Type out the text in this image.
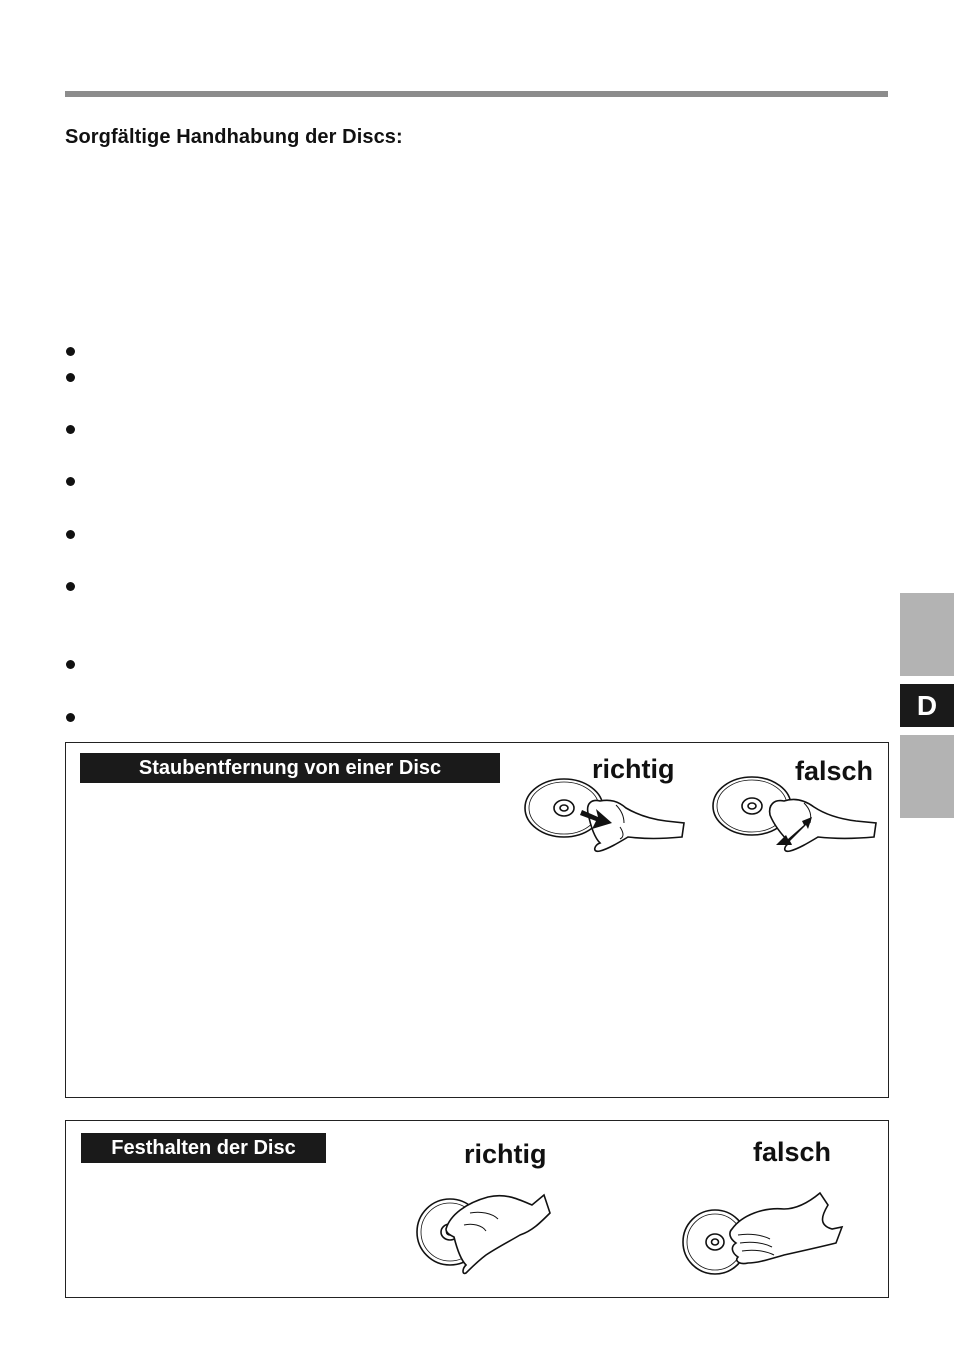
Sorgfältige Handhabung der Discs:
D
Staubentfernung von einer Disc	richtig	falsch
Festhalten der Disc	richtig	falsch
